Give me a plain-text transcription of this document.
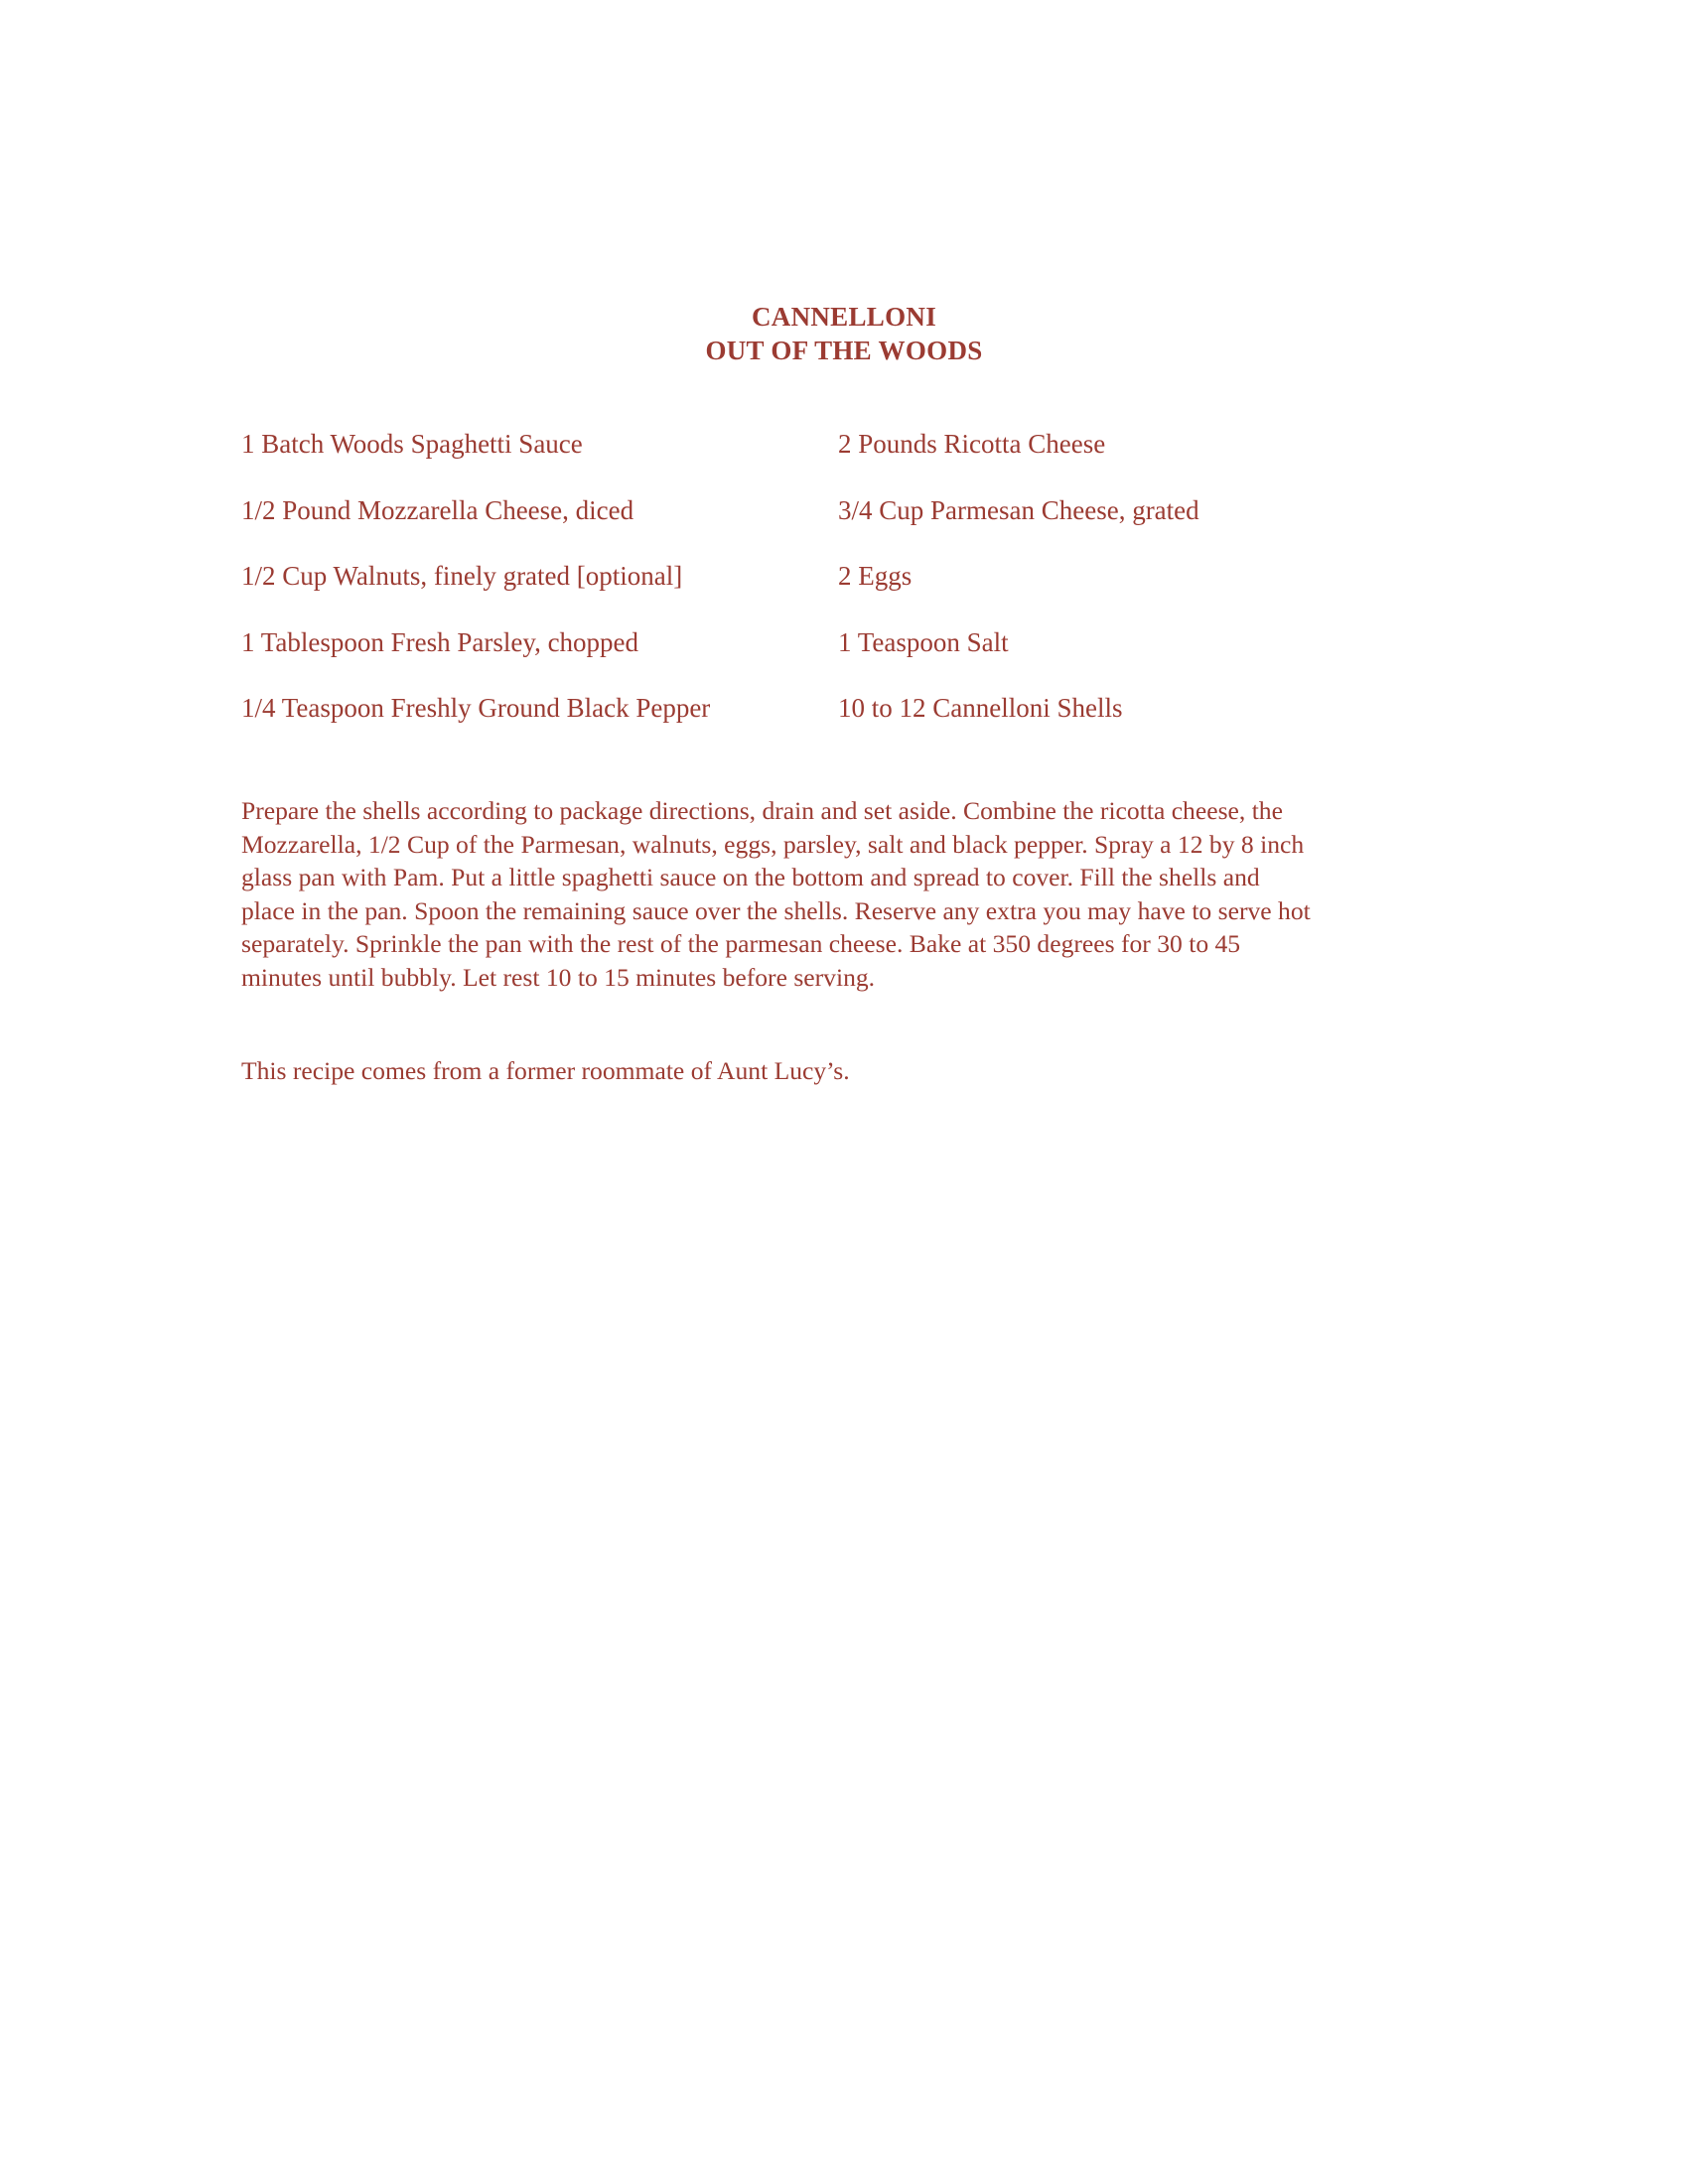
CANNELLONI
OUT OF THE WOODS
1 Batch Woods Spaghetti Sauce	2 Pounds Ricotta Cheese
1/2 Pound Mozzarella Cheese, diced	3/4 Cup Parmesan Cheese, grated
1/2 Cup Walnuts, finely grated [optional]	2 Eggs
1 Tablespoon Fresh Parsley, chopped	1 Teaspoon Salt
1/4 Teaspoon Freshly Ground Black Pepper	10 to 12 Cannelloni Shells
Prepare the shells according to package directions, drain and set aside. Combine the ricotta cheese, the
Mozzarella, 1/2 Cup of the Parmesan, walnuts, eggs, parsley, salt and black pepper. Spray a 12 by 8 inch
glass pan with Pam. Put a little spaghetti sauce on the bottom and spread to cover. Fill the shells and
place in the pan. Spoon the remaining sauce over the shells. Reserve any extra you may have to serve hot
separately. Sprinkle the pan with the rest of the parmesan cheese. Bake at 350 degrees for 30 to 45
minutes until bubbly. Let rest 10 to 15 minutes before serving.
This recipe comes from a former roommate of Aunt Lucy’s.
